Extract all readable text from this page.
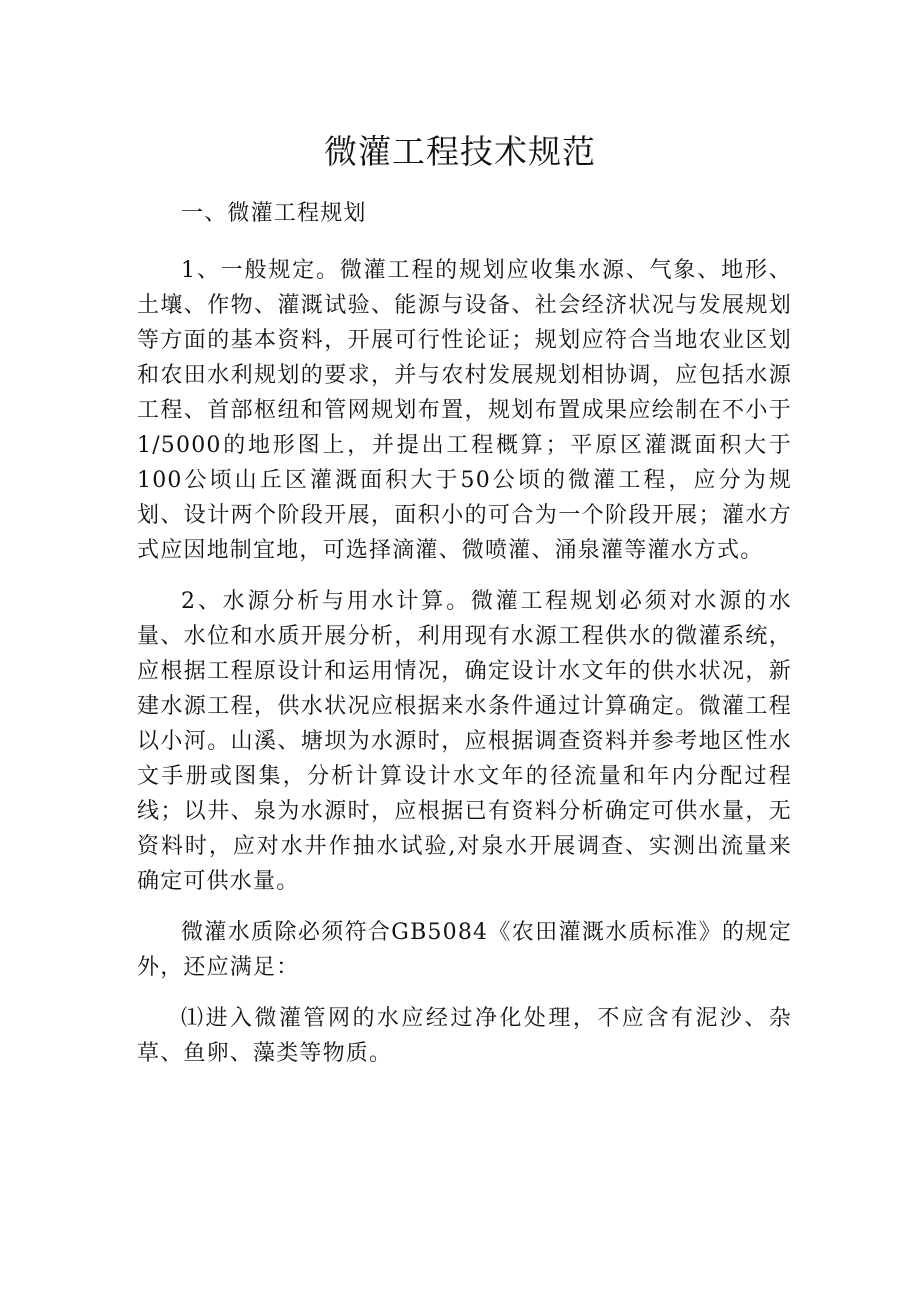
微灌工程技术规范

一、微灌工程规划

1、一般规定。微灌工程的规划应收集水源、气象、地形、土壤、作物、灌溉试验、能源与设备、社会经济状况与发展规划等方面的基本资料，开展可行性论证；规划应符合当地农业区划和农田水利规划的要求，并与农村发展规划相协调，应包括水源工程、首部枢纽和管网规划布置，规划布置成果应绘制在不小于1/5000的地形图上，并提出工程概算；平原区灌溉面积大于100公顷山丘区灌溉面积大于50公顷的微灌工程，应分为规划、设计两个阶段开展，面积小的可合为一个阶段开展；灌水方式应因地制宜地，可选择滴灌、微喷灌、涌泉灌等灌水方式。

2、水源分析与用水计算。微灌工程规划必须对水源的水量、水位和水质开展分析，利用现有水源工程供水的微灌系统，应根据工程原设计和运用情况，确定设计水文年的供水状况，新建水源工程，供水状况应根据来水条件通过计算确定。微灌工程以小河。山溪、塘坝为水源时，应根据调查资料并参考地区性水文手册或图集，分析计算设计水文年的径流量和年内分配过程线；以井、泉为水源时，应根据已有资料分析确定可供水量，无资料时，应对水井作抽水试验,对泉水开展调查、实测出流量来确定可供水量。

微灌水质除必须符合GB5084《农田灌溉水质标准》的规定外，还应满足：

⑴进入微灌管网的水应经过净化处理，不应含有泥沙、杂草、鱼卵、藻类等物质。
